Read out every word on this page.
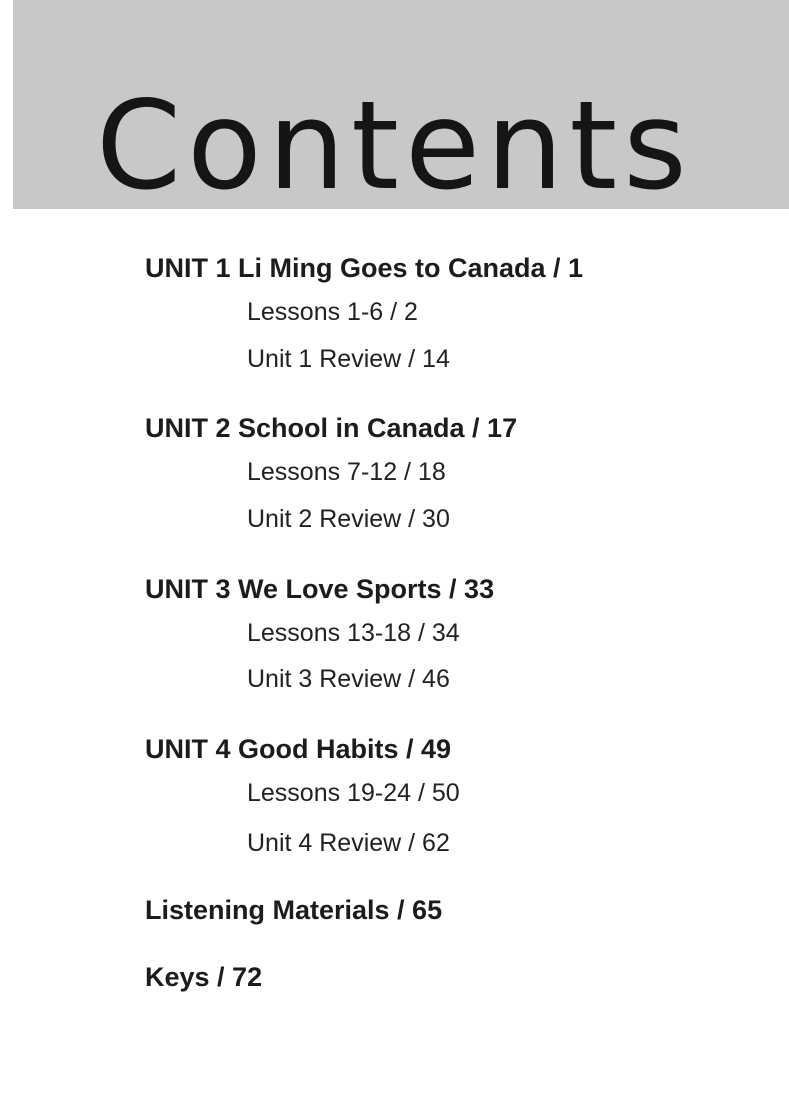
Contents
UNIT 1 Li Ming Goes to Canada / 1
Lessons 1-6 / 2
Unit 1 Review / 14
UNIT 2 School in Canada / 17
Lessons 7-12 / 18
Unit 2 Review / 30
UNIT 3 We Love Sports / 33
Lessons 13-18 / 34
Unit 3 Review / 46
UNIT 4 Good Habits / 49
Lessons 19-24 / 50
Unit 4 Review / 62
Listening Materials / 65
Keys / 72
